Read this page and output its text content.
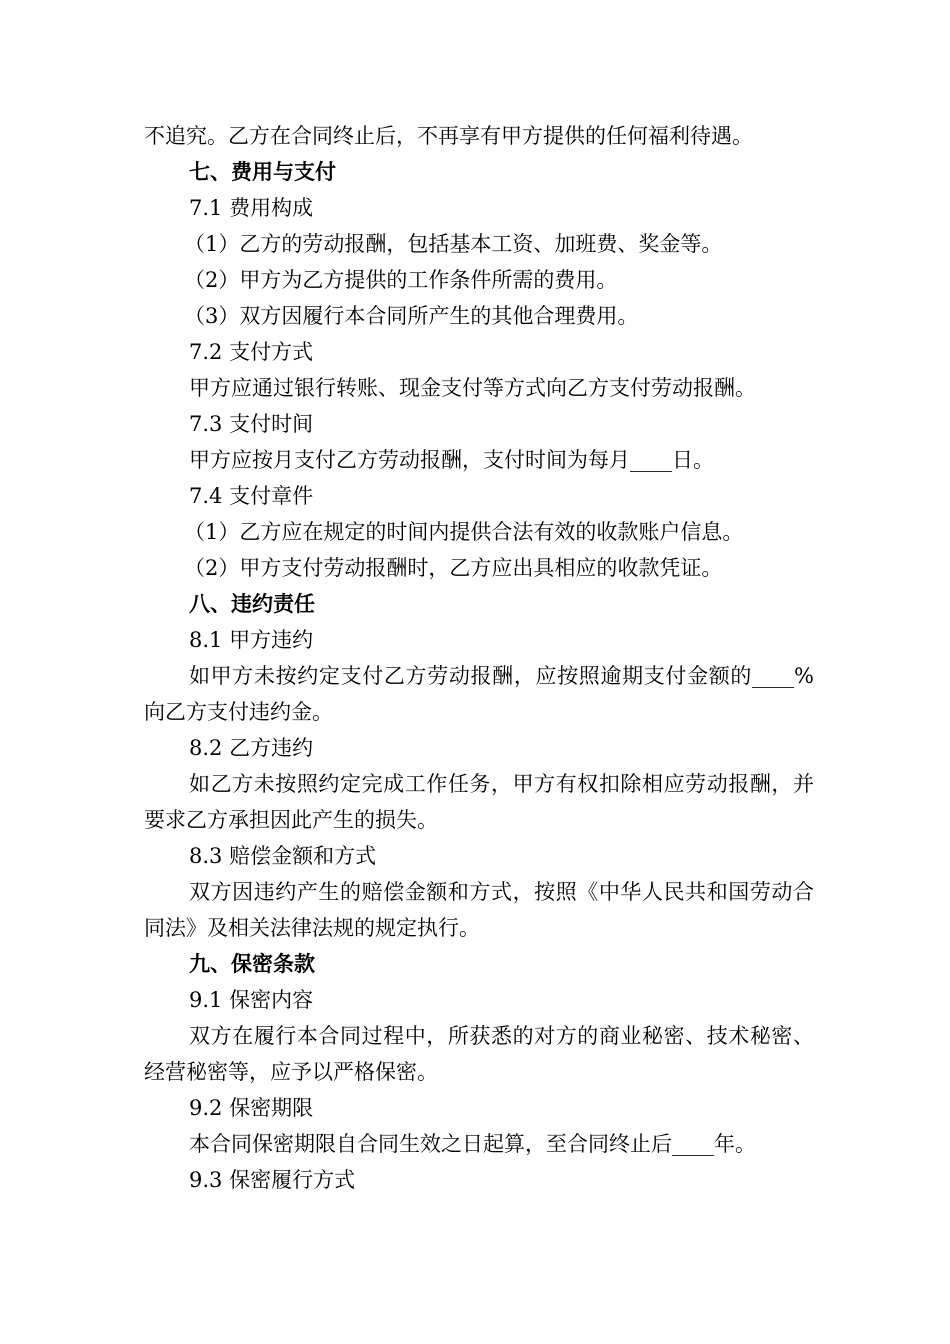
不追究。乙方在合同终止后，不再享有甲方提供的任何福利待遇。

七、费用与支付

7.1 费用构成

（1）乙方的劳动报酬，包括基本工资、加班费、奖金等。

（2）甲方为乙方提供的工作条件所需的费用。

（3）双方因履行本合同所产生的其他合理费用。

7.2 支付方式

甲方应通过银行转账、现金支付等方式向乙方支付劳动报酬。

7.3 支付时间

甲方应按月支付乙方劳动报酬，支付时间为每月____日。

7.4 支付章件

（1）乙方应在规定的时间内提供合法有效的收款账户信息。

（2）甲方支付劳动报酬时，乙方应出具相应的收款凭证。

八、违约责任

8.1 甲方违约

如甲方未按约定支付乙方劳动报酬，应按照逾期支付金额的____%向乙方支付违约金。

8.2 乙方违约

如乙方未按照约定完成工作任务，甲方有权扣除相应劳动报酬，并要求乙方承担因此产生的损失。

8.3 赔偿金额和方式

双方因违约产生的赔偿金额和方式，按照《中华人民共和国劳动合同法》及相关法律法规的规定执行。

九、保密条款

9.1 保密内容

双方在履行本合同过程中，所获悉的对方的商业秘密、技术秘密、经营秘密等，应予以严格保密。

9.2 保密期限

本合同保密期限自合同生效之日起算，至合同终止后____年。

9.3 保密履行方式
